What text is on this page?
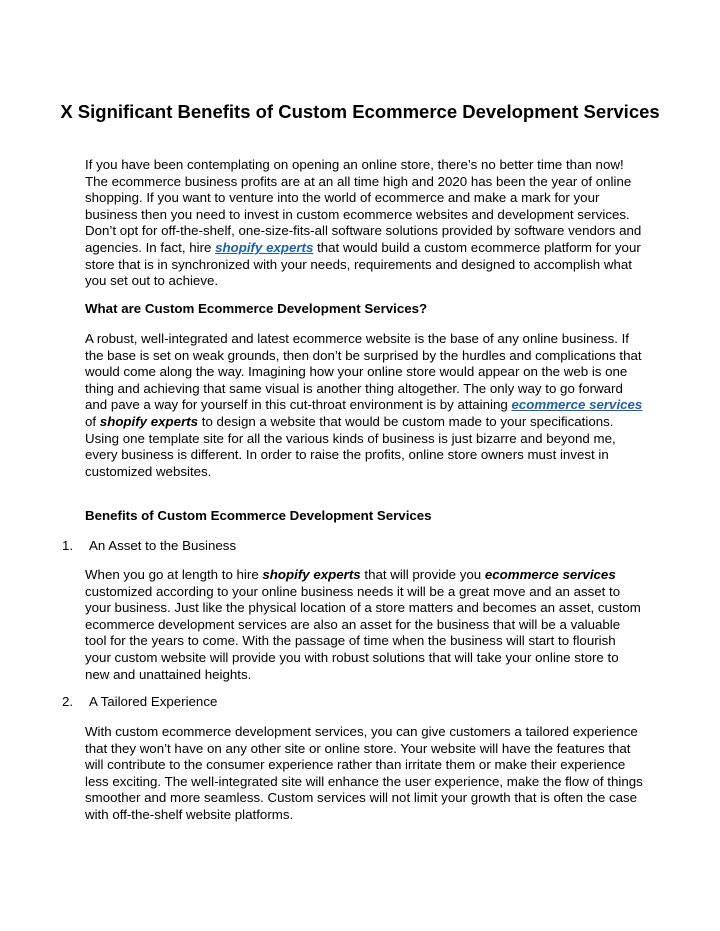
X Significant Benefits of Custom Ecommerce Development Services

If you have been contemplating on opening an online store, there’s no better time than now! The ecommerce business profits are at an all time high and 2020 has been the year of online shopping. If you want to venture into the world of ecommerce and make a mark for your business then you need to invest in custom ecommerce websites and development services. Don’t opt for off-the-shelf, one-size-fits-all software solutions provided by software vendors and agencies. In fact, hire shopify experts that would build a custom ecommerce platform for your store that is in synchronized with your needs, requirements and designed to accomplish what you set out to achieve.

What are Custom Ecommerce Development Services?

A robust, well-integrated and latest ecommerce website is the base of any online business. If the base is set on weak grounds, then don’t be surprised by the hurdles and complications that would come along the way. Imagining how your online store would appear on the web is one thing and achieving that same visual is another thing altogether. The only way to go forward and pave a way for yourself in this cut-throat environment is by attaining ecommerce services of shopify experts to design a website that would be custom made to your specifications. Using one template site for all the various kinds of business is just bizarre and beyond me, every business is different. In order to raise the profits, online store owners must invest in customized websites.

Benefits of Custom Ecommerce Development Services

1. An Asset to the Business

When you go at length to hire shopify experts that will provide you ecommerce services customized according to your online business needs it will be a great move and an asset to your business. Just like the physical location of a store matters and becomes an asset, custom ecommerce development services are also an asset for the business that will be a valuable tool for the years to come. With the passage of time when the business will start to flourish your custom website will provide you with robust solutions that will take your online store to new and unattained heights.

2. A Tailored Experience

With custom ecommerce development services, you can give customers a tailored experience that they won’t have on any other site or online store. Your website will have the features that will contribute to the consumer experience rather than irritate them or make their experience less exciting. The well-integrated site will enhance the user experience, make the flow of things smoother and more seamless. Custom services will not limit your growth that is often the case with off-the-shelf website platforms.
